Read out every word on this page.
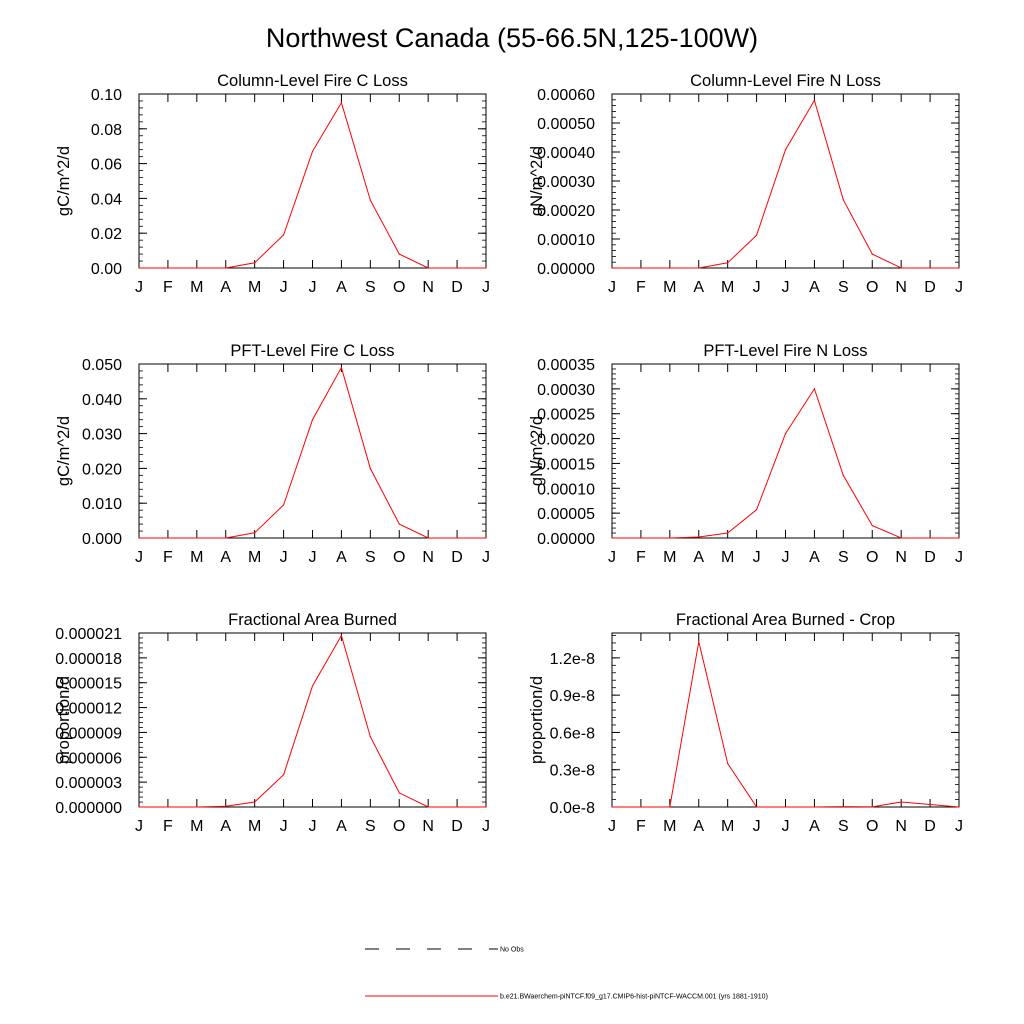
Northwest Canada (55-66.5N,125-100W)
J F M A M J J A S O N D J
0.00
0.02
0.04
0.06
0.08
0.10
Column-Level Fire C Loss
gC/m^2/d
J F M A M J J A S O N D J
0.00000
0.00010
0.00020
0.00030
0.00040
0.00050
0.00060
Column-Level Fire N Loss
gN/m^2/d
J F M A M J J A S O N D J
0.000
0.010
0.020
0.030
0.040
0.050
PFT-Level Fire C Loss
gC/m^2/d
J F M A M J J A S O N D J
0.00000
0.00005
0.00010
0.00015
0.00020
0.00025
0.00030
0.00035
PFT-Level Fire N Loss
gN/m^2/d
J F M A M J J A S O N D J
0.000000
0.000003
0.000006
0.000009
0.000012
0.000015
0.000018
0.000021
Fractional Area Burned
proportion/d
J F M A M J J A S O N D J
0.0e-8
0.3e-8
0.6e-8
0.9e-8
1.2e-8
Fractional Area Burned - Crop
proportion/d
No Obs
b.e21.BWaerchem-piNTCF.f09_g17.CMIP6-hist-piNTCF-WACCM.001 (yrs 1881-1910)
